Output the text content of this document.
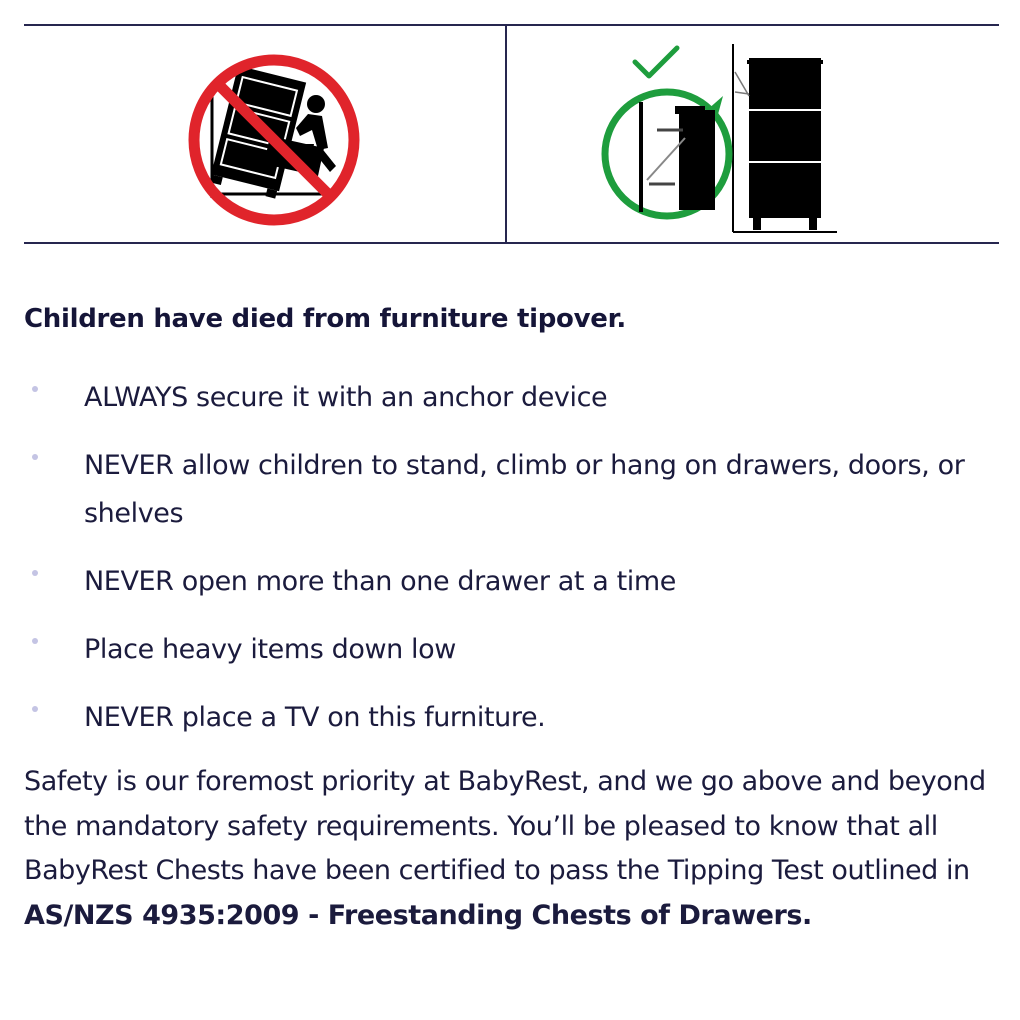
Children have died from furniture tipover.
ALWAYS secure it with an anchor device
NEVER allow children to stand, climb or hang on drawers, doors, or shelves
NEVER open more than one drawer at a time
Place heavy items down low
NEVER place a TV on this furniture.

Safety is our foremost priority at BabyRest, and we go above and beyond the mandatory safety requirements. You’ll be pleased to know that all BabyRest Chests have been certified to pass the Tipping Test outlined in AS/NZS 4935:2009 - Freestanding Chests of Drawers.
